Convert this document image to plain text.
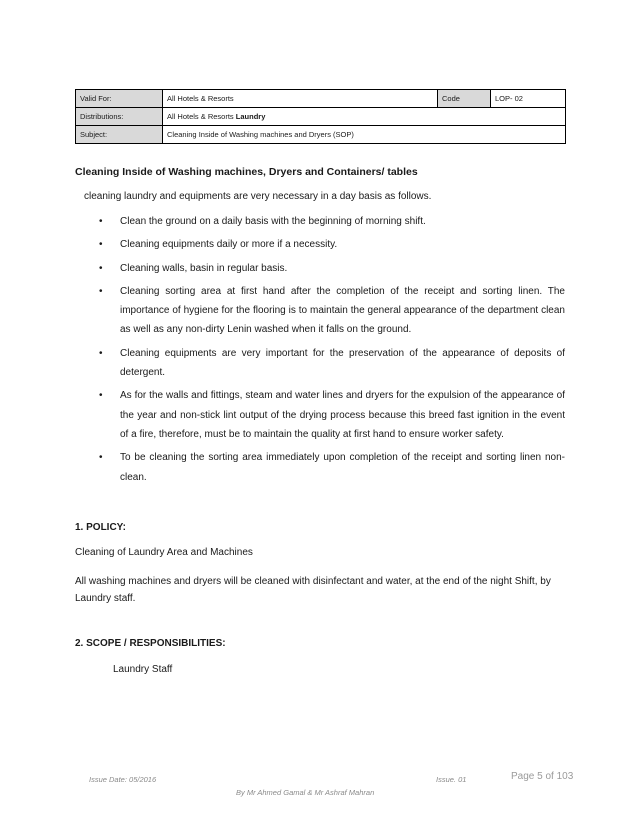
Valid For:	All Hotels & Resorts	Code	LOP- 02
Distributions:	All Hotels & Resorts Laundry		
Subject:	Cleaning Inside of Washing machines and Dryers (SOP)		
Cleaning Inside of Washing machines, Dryers and Containers/ tables
cleaning laundry and equipments are very necessary in a day basis as follows.
• Clean the ground on a daily basis with the beginning of morning shift.
• Cleaning equipments daily or more if a necessity.
• Cleaning walls, basin in regular basis.
• Cleaning sorting area at first hand after the completion of the receipt and sorting linen. The importance of hygiene for the flooring is to maintain the general appearance of the department clean as well as any non-dirty Lenin washed when it falls on the ground.
• Cleaning equipments are very important for the preservation of the appearance of deposits of detergent.
• As for the walls and fittings, steam and water lines and dryers for the expulsion of the appearance of the year and non-stick lint output of the drying process because this breed fast ignition in the event of a fire, therefore, must be to maintain the quality at first hand to ensure worker safety.
• To be cleaning the sorting area immediately upon completion of the receipt and sorting linen non-clean.
1. POLICY:
Cleaning of Laundry Area and Machines
All washing machines and dryers will be cleaned with disinfectant and water, at the end of the night Shift, by Laundry staff.
2. SCOPE / RESPONSIBILITIES:
Laundry Staff
Issue Date: 05/2016	Issue. 01	Page 5 of 103
By Mr Ahmed Gamal & Mr Ashraf Mahran
